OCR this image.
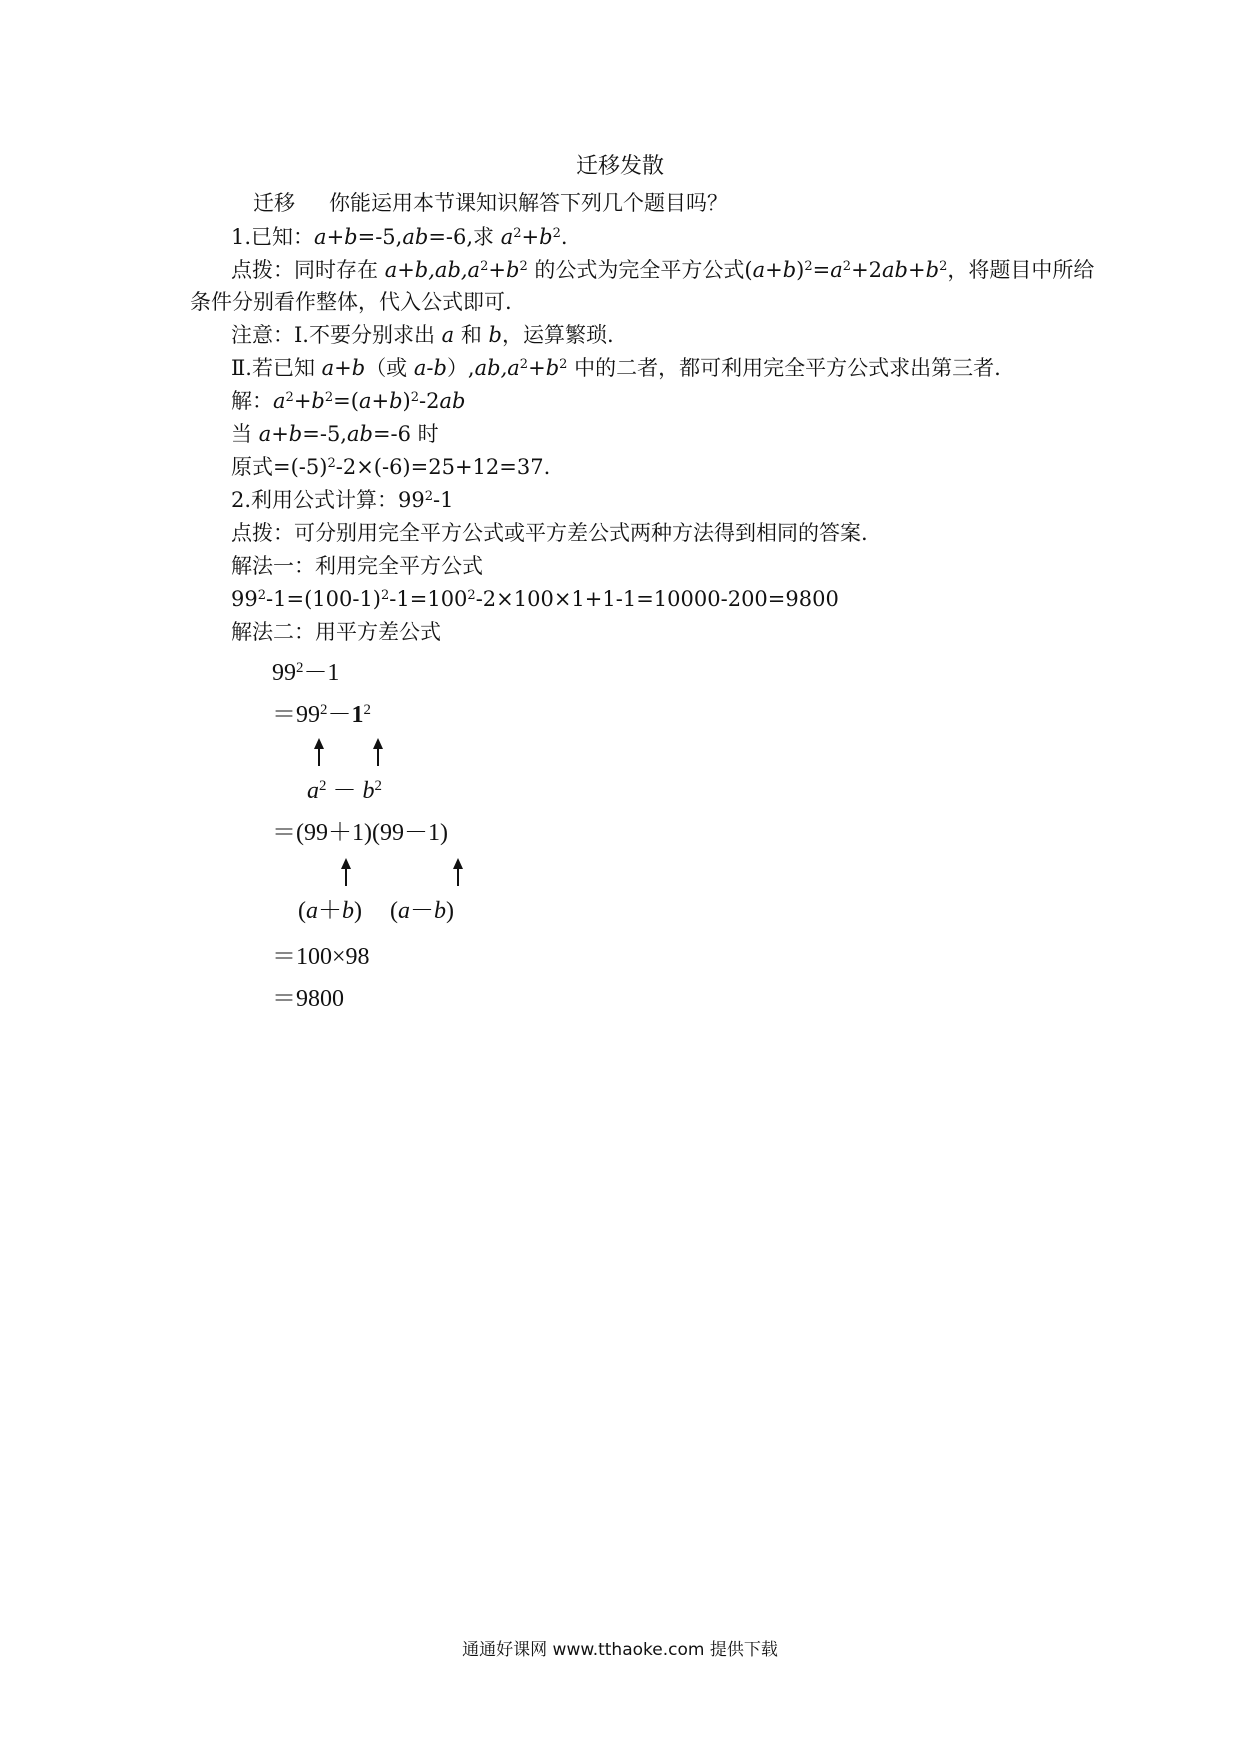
迁移发散
迁移 你能运用本节课知识解答下列几个题目吗？
1.已知：a+b=-5,ab=-6,求 $a^2+b^2$.
点拨：同时存在 $a+b,ab,a^2+b^2$ 的公式为完全平方公式$(a+b)^2=a^2+2ab+b^2$，将题目中所给
条件分别看作整体，代入公式即可.
注意：Ⅰ.不要分别求出 a 和 b，运算繁琐.
Ⅱ.若已知 a+b（或 $a-b),ab,a^2+b^2$ 中的二者，都可利用完全平方公式求出第三者.
解：$a^2+b^2=(a+b)^2-2ab$
当 a+b=-5,ab=-6 时
原式$=(-5)^2-2\times(-6)=25+12=37$.
2.利用公式计算：$99^2-1$
点拨：可分别用完全平方公式或平方差公式两种方法得到相同的答案.
解法一：利用完全平方公式
$99^2-1=(100-1)^2-1=100^2-2\times 100\times 1+1-1=10000-200=9800$
解法二：用平方差公式
$99^2-1$
$=99^2-1^2$
$a^2 - b^2$
＝(99＋1)(99－1)
(a＋b) (a－b)
＝100×98
＝9800
通通好课网 www.tthaoke.com 提供下载
